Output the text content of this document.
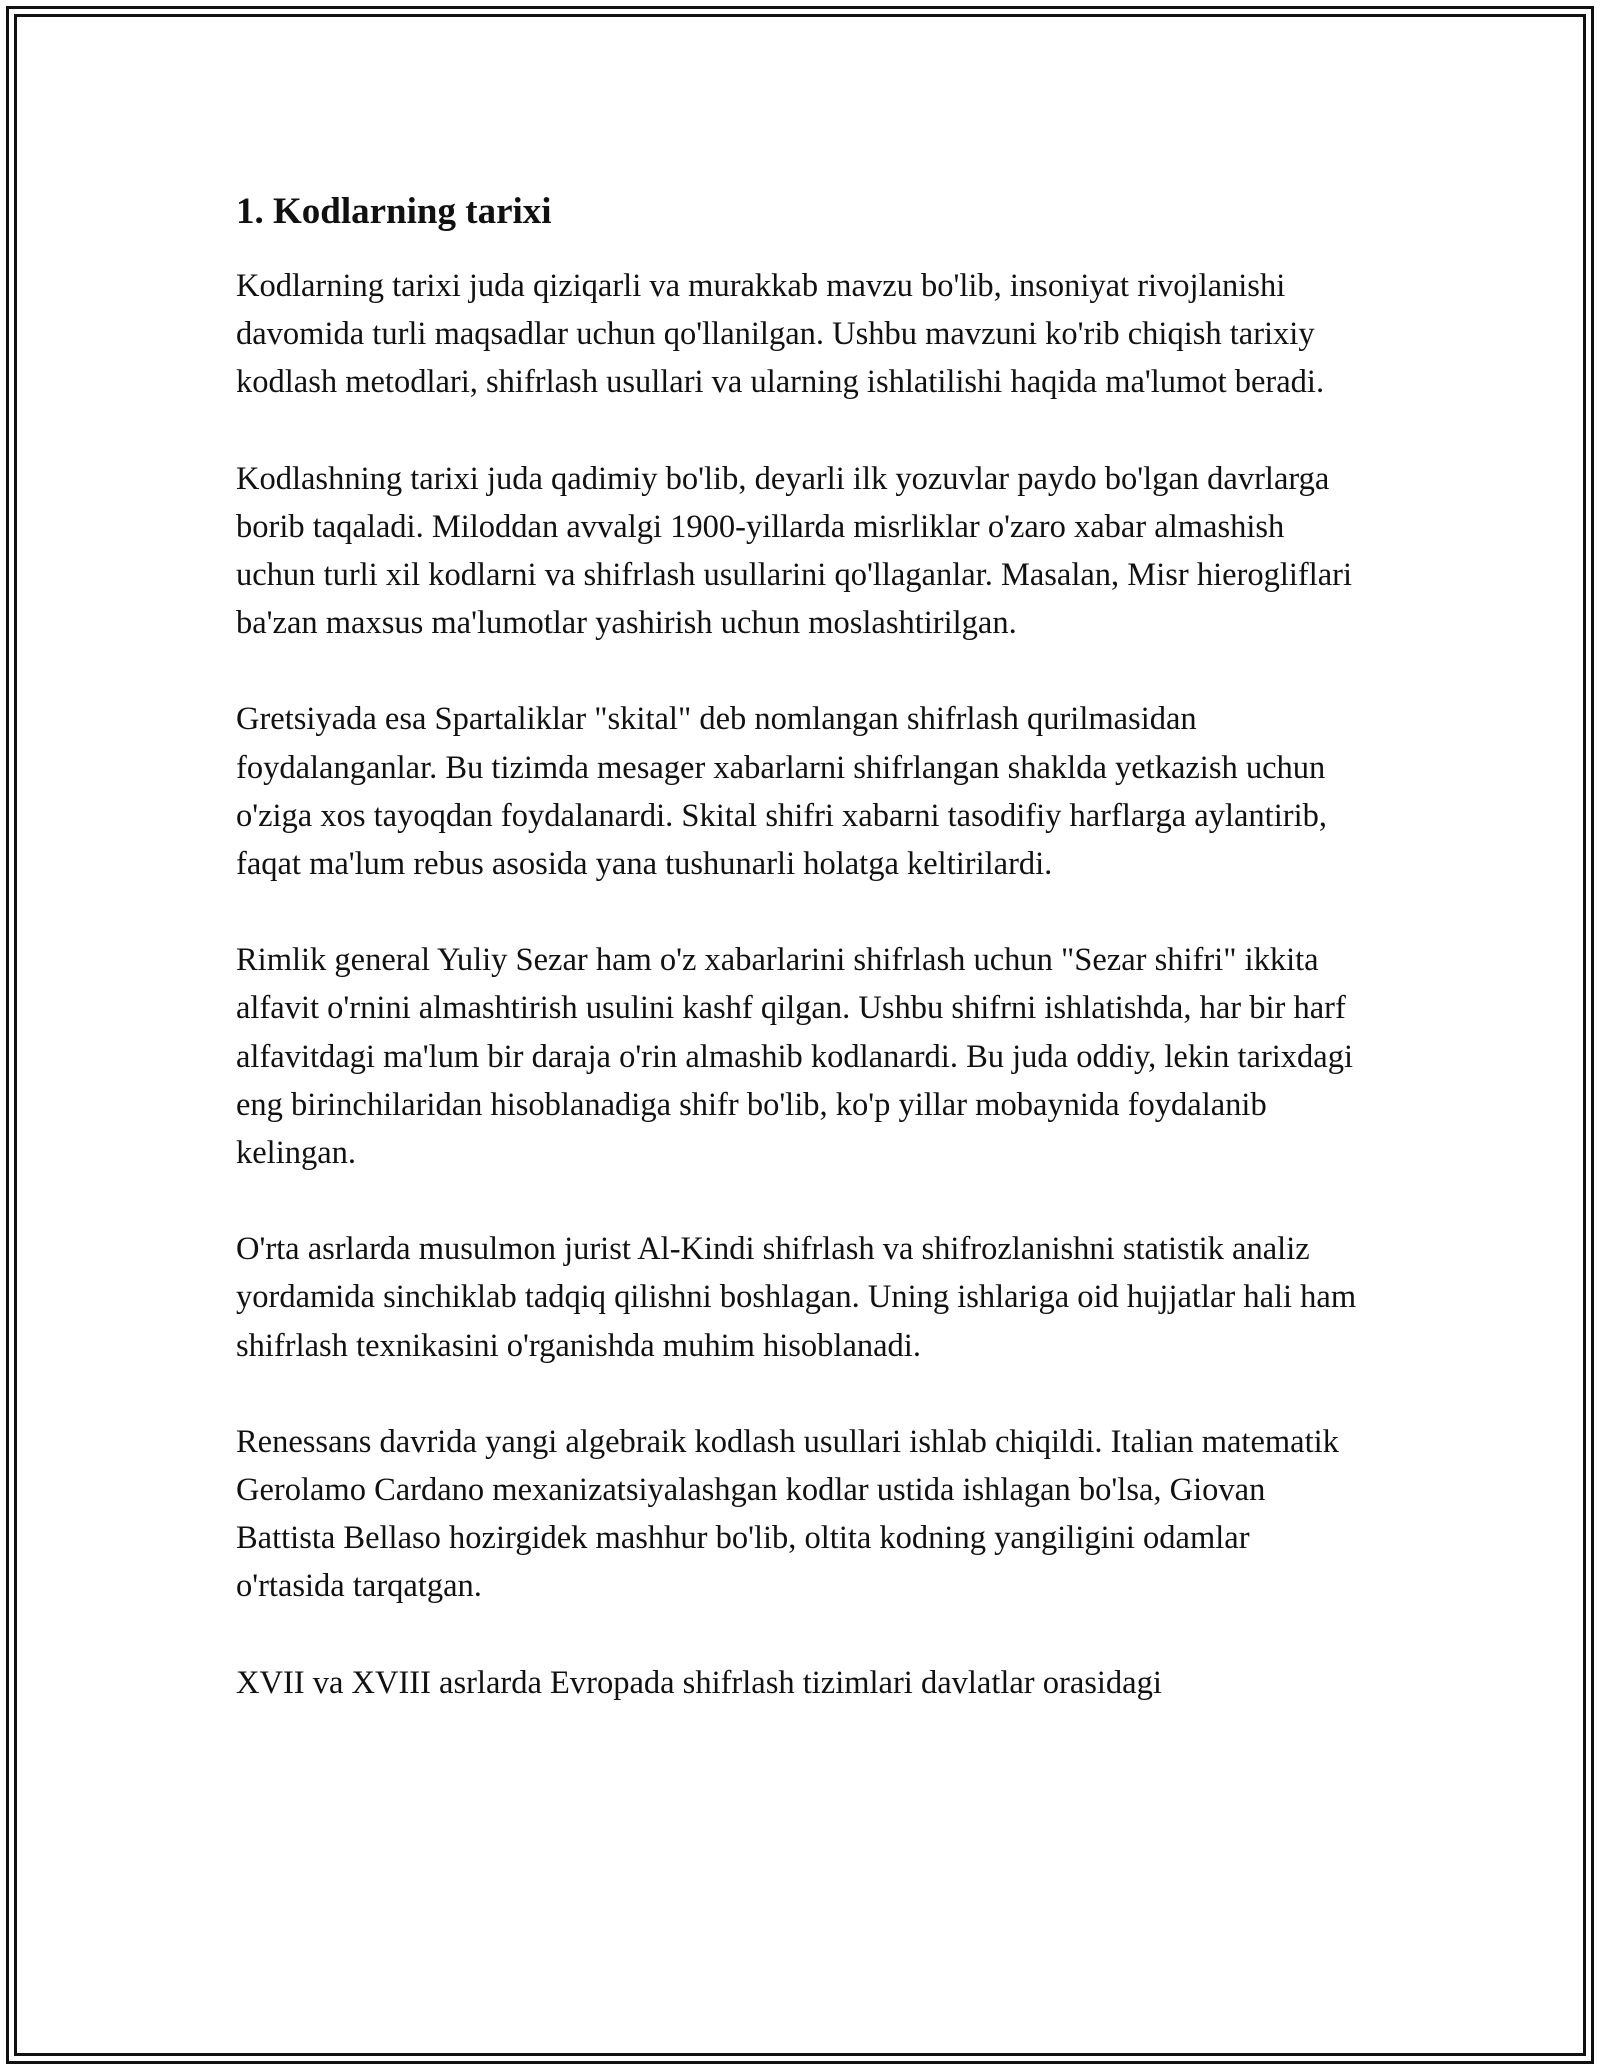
1. Kodlarning tarixi

Kodlarning tarixi juda qiziqarli va murakkab mavzu bo'lib, insoniyat rivojlanishi davomida turli maqsadlar uchun qo'llanilgan. Ushbu mavzuni ko'rib chiqish tarixiy kodlash metodlari, shifrlash usullari va ularning ishlatilishi haqida ma'lumot beradi.

Kodlashning tarixi juda qadimiy bo'lib, deyarli ilk yozuvlar paydo bo'lgan davrlarga borib taqaladi. Miloddan avvalgi 1900-yillarda misrliklar o'zaro xabar almashish uchun turli xil kodlarni va shifrlash usullarini qo'llaganlar. Masalan, Misr hierogliflari ba'zan maxsus ma'lumotlar yashirish uchun moslashtirilgan.

Gretsiyada esa Spartaliklar "skital" deb nomlangan shifrlash qurilmasidan foydalanganlar. Bu tizimda mesager xabarlarni shifrlangan shaklda yetkazish uchun o'ziga xos tayoqdan foydalanardi. Skital shifri xabarni tasodifiy harflarga aylantirib, faqat ma'lum rebus asosida yana tushunarli holatga keltirilardi.

Rimlik general Yuliy Sezar ham o'z xabarlarini shifrlash uchun "Sezar shifri" ikkita alfavit o'rnini almashtirish usulini kashf qilgan. Ushbu shifrni ishlatishda, har bir harf alfavitdagi ma'lum bir daraja o'rin almashib kodlanardi. Bu juda oddiy, lekin tarixdagi eng birinchilaridan hisoblanadiga shifr bo'lib, ko'p yillar mobaynida foydalanib kelingan.

O'rta asrlarda musulmon jurist Al-Kindi shifrlash va shifrozlanishni statistik analiz yordamida sinchiklab tadqiq qilishni boshlagan. Uning ishlariga oid hujjatlar hali ham shifrlash texnikasini o'rganishda muhim hisoblanadi.

Renessans davrida yangi algebraik kodlash usullari ishlab chiqildi. Italian matematik Gerolamo Cardano mexanizatsiyalashgan kodlar ustida ishlagan bo'lsa, Giovan Battista Bellaso hozirgidek mashhur bo'lib, oltita kodning yangiligini odamlar o'rtasida tarqatgan.

XVII va XVIII asrlarda Evropada shifrlash tizimlari davlatlar orasidagi
